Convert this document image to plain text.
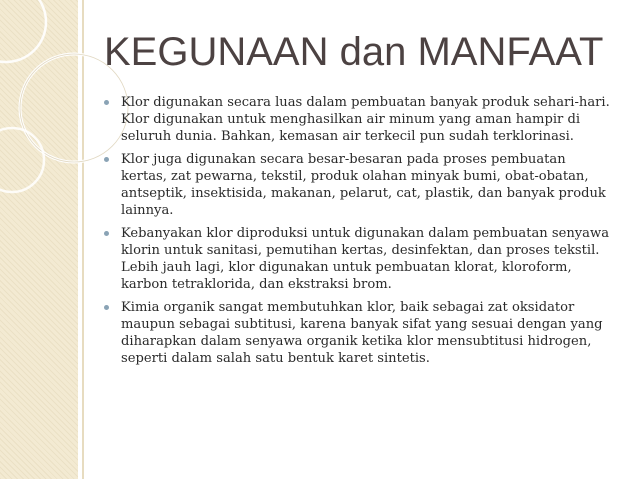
KEGUNAAN dan MANFAAT
Klor digunakan secara luas dalam pembuatan banyak produk sehari-hari. Klor digunakan untuk menghasilkan air minum yang aman hampir di seluruh dunia. Bahkan, kemasan air terkecil pun sudah terklorinasi.
Klor juga digunakan secara besar-besaran pada proses pembuatan kertas, zat pewarna, tekstil, produk olahan minyak bumi, obat-obatan, antseptik, insektisida, makanan, pelarut, cat, plastik, dan banyak produk lainnya.
Kebanyakan klor diproduksi untuk digunakan dalam pembuatan senyawa klorin untuk sanitasi, pemutihan kertas, desinfektan, dan proses tekstil. Lebih jauh lagi, klor digunakan untuk pembuatan klorat, kloroform, karbon tetraklorida, dan ekstraksi brom.
Kimia organik sangat membutuhkan klor, baik sebagai zat oksidator maupun sebagai subtitusi, karena banyak sifat yang sesuai dengan yang diharapkan dalam senyawa organik ketika klor mensubtitusi hidrogen, seperti dalam salah satu bentuk karet sintetis.
